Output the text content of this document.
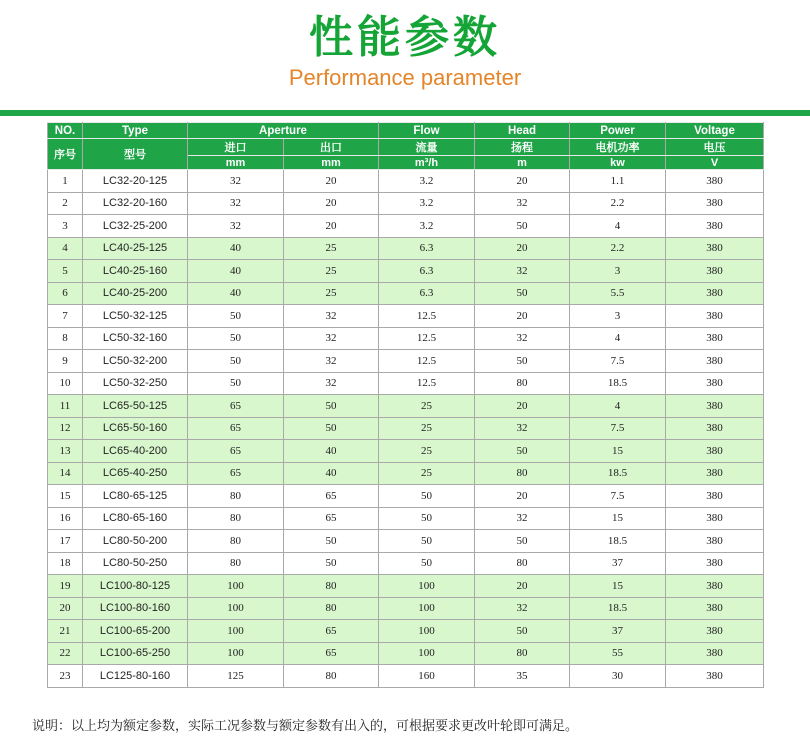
性能参数
Performance parameter
NO.	Type	Aperture		Flow	Head	Power	Voltage
序号	型号	进口	出口	流量	扬程	电机功率	电压
		mm	mm	m³/h	m	kw	V
1	LC32-20-125	32	20	3.2	20	1.1	380
2	LC32-20-160	32	20	3.2	32	2.2	380
3	LC32-25-200	32	20	3.2	50	4	380
4	LC40-25-125	40	25	6.3	20	2.2	380
5	LC40-25-160	40	25	6.3	32	3	380
6	LC40-25-200	40	25	6.3	50	5.5	380
7	LC50-32-125	50	32	12.5	20	3	380
8	LC50-32-160	50	32	12.5	32	4	380
9	LC50-32-200	50	32	12.5	50	7.5	380
10	LC50-32-250	50	32	12.5	80	18.5	380
11	LC65-50-125	65	50	25	20	4	380
12	LC65-50-160	65	50	25	32	7.5	380
13	LC65-40-200	65	40	25	50	15	380
14	LC65-40-250	65	40	25	80	18.5	380
15	LC80-65-125	80	65	50	20	7.5	380
16	LC80-65-160	80	65	50	32	15	380
17	LC80-50-200	80	50	50	50	18.5	380
18	LC80-50-250	80	50	50	80	37	380
19	LC100-80-125	100	80	100	20	15	380
20	LC100-80-160	100	80	100	32	18.5	380
21	LC100-65-200	100	65	100	50	37	380
22	LC100-65-250	100	65	100	80	55	380
23	LC125-80-160	125	80	160	35	30	380
说明：以上均为额定参数，实际工况参数与额定参数有出入的，可根据要求更改叶轮即可满足。
